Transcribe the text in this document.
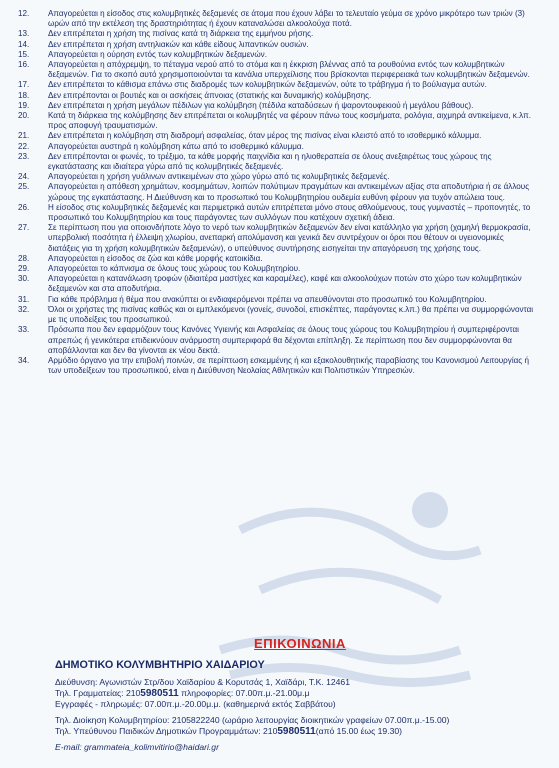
12.	Απαγορεύεται η είσοδος στις κολυμβητικές δεξαμενές σε άτομα που έχουν λάβει το τελευταίο γεύμα σε χρόνο μικρότερο των τριών (3) ωρών από την εκτέλεση της δραστηριότητας ή έχουν καταναλώσει αλκοολούχα ποτά.
13.	Δεν επιτρέπεται η χρήση της πισίνας κατά τη διάρκεια της εμμήνου ρήσης.
14.	Δεν επιτρέπεται η χρήση αντηλιακών και κάθε είδους λιπαντικών ουσιών.
15.	Απαγορεύεται η ούρηση εντός των κολυμβητικών δεξαμενών.
16.	Απαγορεύεται η απόχρεμψη, το πέταγμα νερού από το στόμα και η έκκριση βλέννας από τα ρουθούνια εντός των κολυμβητικών δεξαμενών. Για το σκοπό αυτό χρησιμοποιούνται τα κανάλια υπερχείλισης που βρίσκονται περιφερειακά των κολυμβητικών δεξαμενών.
17.	Δεν επιτρέπεται το κάθισμα επάνω στις διαδρομές των κολυμβητικών δεξαμενών, ούτε το τράβηγμα ή το βούλιαγμα αυτών.
18.	Δεν επιτρέπονται οι βουτιές και οι ασκήσεις άπνοιας (στατικής και δυναμικής) κολύμβησης.
19.	Δεν επιτρέπεται η χρήση μεγάλων πέδιλων για κολύμβηση (πέδιλα καταδύσεων ή ψαροντουφεκιού ή μεγάλου βάθους).
20.	Κατά τη διάρκεια της κολύμβησης δεν επιτρέπεται οι κολυμβητές να φέρουν πάνω τους κοσμήματα, ρολόγια, αιχμηρά αντικείμενα, κ.λπ. προς αποφυγή τραυματισμών.
21.	Δεν επιτρέπεται η κολύμβηση στη διαδρομή ασφαλείας, όταν μέρος της πισίνας είναι κλειστό από το ισοθερμικό κάλυμμα.
22.	Απαγορεύεται αυστηρά η κολύμβηση κάτω από το ισοθερμικό κάλυμμα.
23.	Δεν επιτρέπονται οι φωνές, το τρέξιμο, τα κάθε μορφής παιχνίδια και η ηλιοθεραπεία σε όλους ανεξαιρέτως τους χώρους της εγκατάστασης και ιδιαίτερα γύρω από τις κολυμβητικές δεξαμενές.
24.	Απαγορεύεται η χρήση γυάλινων αντικειμένων στο χώρο γύρω από τις κολυμβητικές δεξαμενές.
25.	Απαγορεύεται η απόθεση χρημάτων, κοσμημάτων, λοιπών πολύτιμων πραγμάτων και αντικειμένων αξίας στα αποδυτήρια ή σε άλλους χώρους της εγκατάστασης. Η Διεύθυνση και το προσωπικό του Κολυμβητηρίου ουδεμία ευθύνη φέρουν για τυχόν απώλεια τους.
26.	Η είσοδος στις κολυμβητικές δεξαμενές και περιμετρικά αυτών επιτρέπεται μόνο στους αθλούμενους, τους γυμναστές – προπονητές, το προσωπικό του Κολυμβητηρίου και τους παράγοντες των συλλόγων που κατέχουν σχετική άδεια.
27.	Σε περίπτωση που για οποιονδήποτε λόγο το νερό των κολυμβητικών δεξαμενών δεν είναι κατάλληλο για χρήση (χαμηλή θερμοκρασία, υπερβολική ποσότητα ή έλλειψη χλωρίου, ανεπαρκή απολύμανση και γενικά δεν συντρέχουν οι όροι που θέτουν οι υγειονομικές διατάξεις για τη χρήση κολυμβητικών δεξαμενών), ο υπεύθυνος συντήρησης εισηγείται την απαγόρευση της χρήσης τους.
28.	Απαγορεύεται η είσοδος σε ζώα και κάθε μορφής κατοικίδια.
29.	Απαγορεύεται το κάπνισμα σε όλους τους χώρους του Κολυμβητηρίου.
30.	Απαγορεύεται η κατανάλωση τροφών (ιδιαιτέρα μαστίχες και καραμέλες), καφέ και αλκοολούχων ποτών στο χώρο των κολυμβητικών δεξαμενών και στα αποδυτήρια.
31.	Για κάθε πρόβλημα ή θέμα που ανακύπτει οι ενδιαφερόμενοι πρέπει να απευθύνονται στο προσωπικό του Κολυμβητηρίου.
32.	Όλοι οι χρήστες της πισίνας καθώς και οι εμπλεκόμενοι (γονείς, συνοδοί, επισκέπτες, παράγοντες κ.λπ.) θα πρέπει να συμμορφώνονται με τις υποδείξεις του προσωπικού.
33.	Πρόσωπα που δεν εφαρμόζουν τους Κανόνες Υγιεινής και Ασφαλείας σε όλους τους χώρους του Κολυμβητηρίου ή συμπεριφέρονται απρεπώς ή γενικότερα επιδεικνύουν ανάρμοστη συμπεριφορά θα δέχονται επίπληξη. Σε περίπτωση που δεν συμμορφώνονται θα αποβάλλονται και δεν θα γίνονται εκ νέου δεκτά.
34.	Αρμόδιο όργανο για την επιβολή ποινών, σε περίπτωση εσκεμμένης ή και εξακολουθητικής παραβίασης του Κανονισμού Λειτουργίας ή των υποδείξεων του προσωπικού, είναι η Διεύθυνση Νεολαίας Αθλητικών και Πολιτιστικών Υπηρεσιών.
ΕΠΙΚΟΙΝΩΝΙΑ
ΔΗΜΟΤΙΚΟ ΚΟΛΥΜΒΗΤΗΡΙΟ ΧΑΙΔΑΡΙΟΥ
Διεύθυνση: Αγωνιστών Στρ/δου Χαϊδαρίου & Κορυτσάς 1, Χαϊδάρι, Τ.Κ. 12461
Τηλ. Γραμματείας: 2105980511 πληροφορίες: 07.00π.μ.-21.00μ.μ
Εγγραφές - πληρωμές: 07.00π.μ.-20.00μ.μ. (καθημερινά εκτός Σαββάτου)
Τηλ. Διοίκηση Κολυμβητηρίου: 2105822240 (ωράριο λειτουργίας διοικητικών γραφείων 07.00π.μ.-15.00)
Τηλ. Υπεύθυνου Παιδικών Δημοτικών Προγραμμάτων: 2105980511(από 15.00 έως 19.30)
E-mail: grammateia_kolimvitirio@haidari.gr
